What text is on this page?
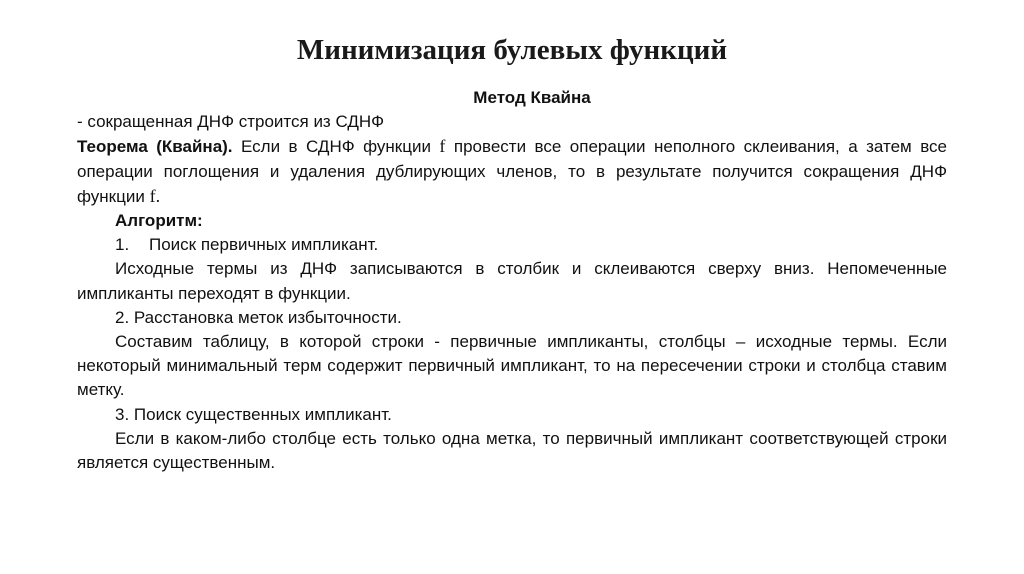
Минимизация булевых функций
Метод Квайна
- сокращенная ДНФ строится из СДНФ
Теорема (Квайна). Если в СДНФ функции f провести все операции неполного склеивания, а затем все операции поглощения и удаления дублирующих членов, то в результате получится сокращения ДНФ функции f.
Алгоритм:
1. Поиск первичных импликант.
Исходные термы из ДНФ записываются в столбик и склеиваются сверху вниз. Непомеченные импликанты переходят в функции.
2. Расстановка меток избыточности.
Составим таблицу, в которой строки - первичные импликанты, столбцы – исходные термы. Если некоторый минимальный терм содержит первичный импликант, то на пересечении строки и столбца ставим метку.
3. Поиск существенных импликант.
Если в каком-либо столбце есть только одна метка, то первичный импликант соответствующей строки является существенным.
